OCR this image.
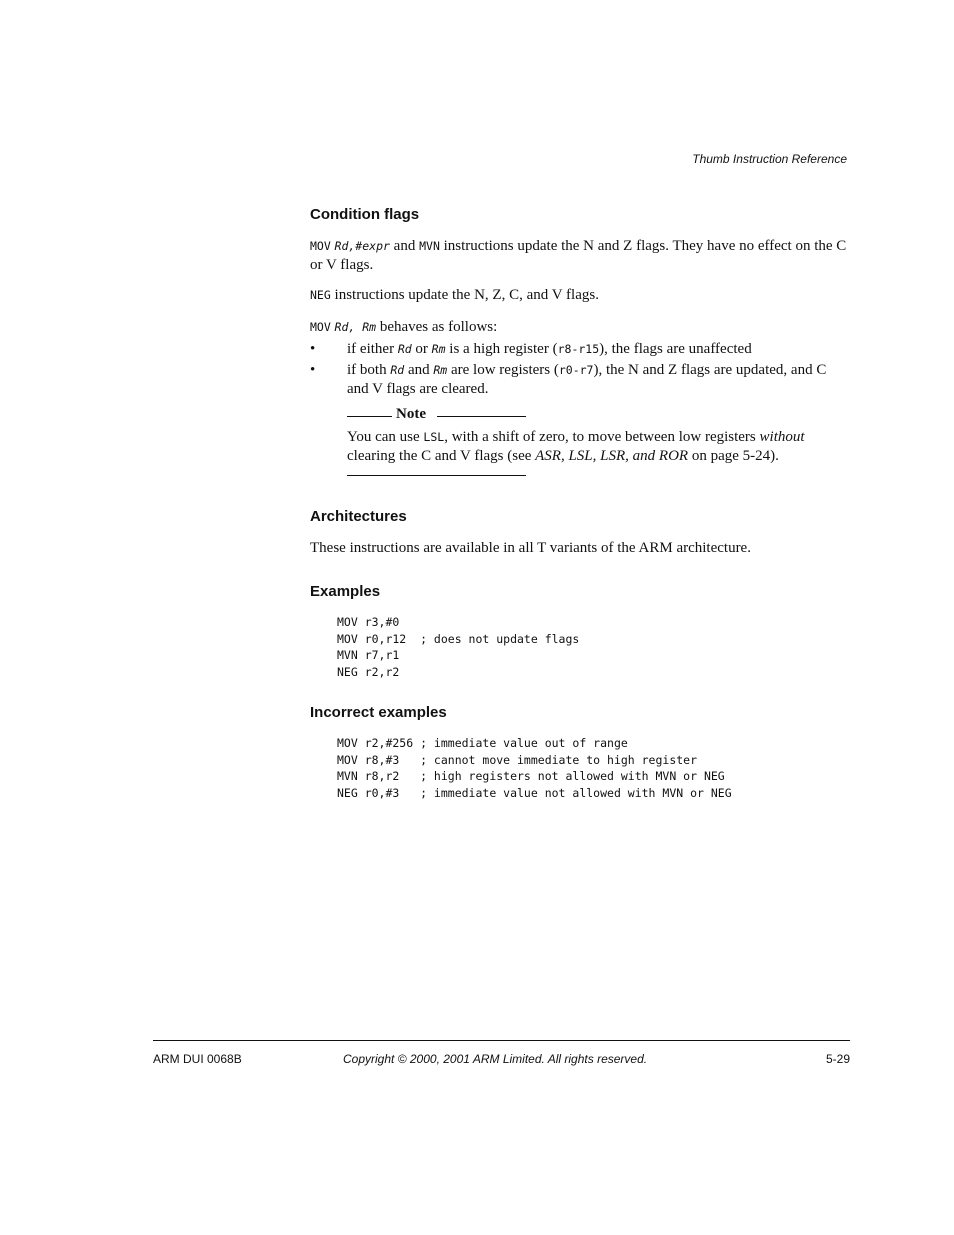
Thumb Instruction Reference
Condition flags
MOV Rd,#expr and MVN instructions update the N and Z flags. They have no effect on the C or V flags.
NEG instructions update the N, Z, C, and V flags.
MOV Rd, Rm behaves as follows:
• if either Rd or Rm is a high register (r8-r15), the flags are unaffected
• if both Rd and Rm are low registers (r0-r7), the N and Z flags are updated, and C and V flags are cleared.
Note
You can use LSL, with a shift of zero, to move between low registers without clearing the C and V flags (see ASR, LSL, LSR, and ROR on page 5-24).
Architectures
These instructions are available in all T variants of the ARM architecture.
Examples
MOV r3,#0
MOV r0,r12  ; does not update flags
MVN r7,r1
NEG r2,r2
Incorrect examples
MOV r2,#256 ; immediate value out of range
MOV r8,#3   ; cannot move immediate to high register
MVN r8,r2   ; high registers not allowed with MVN or NEG
NEG r0,#3   ; immediate value not allowed with MVN or NEG
ARM DUI 0068B	Copyright © 2000, 2001 ARM Limited. All rights reserved.	5-29
